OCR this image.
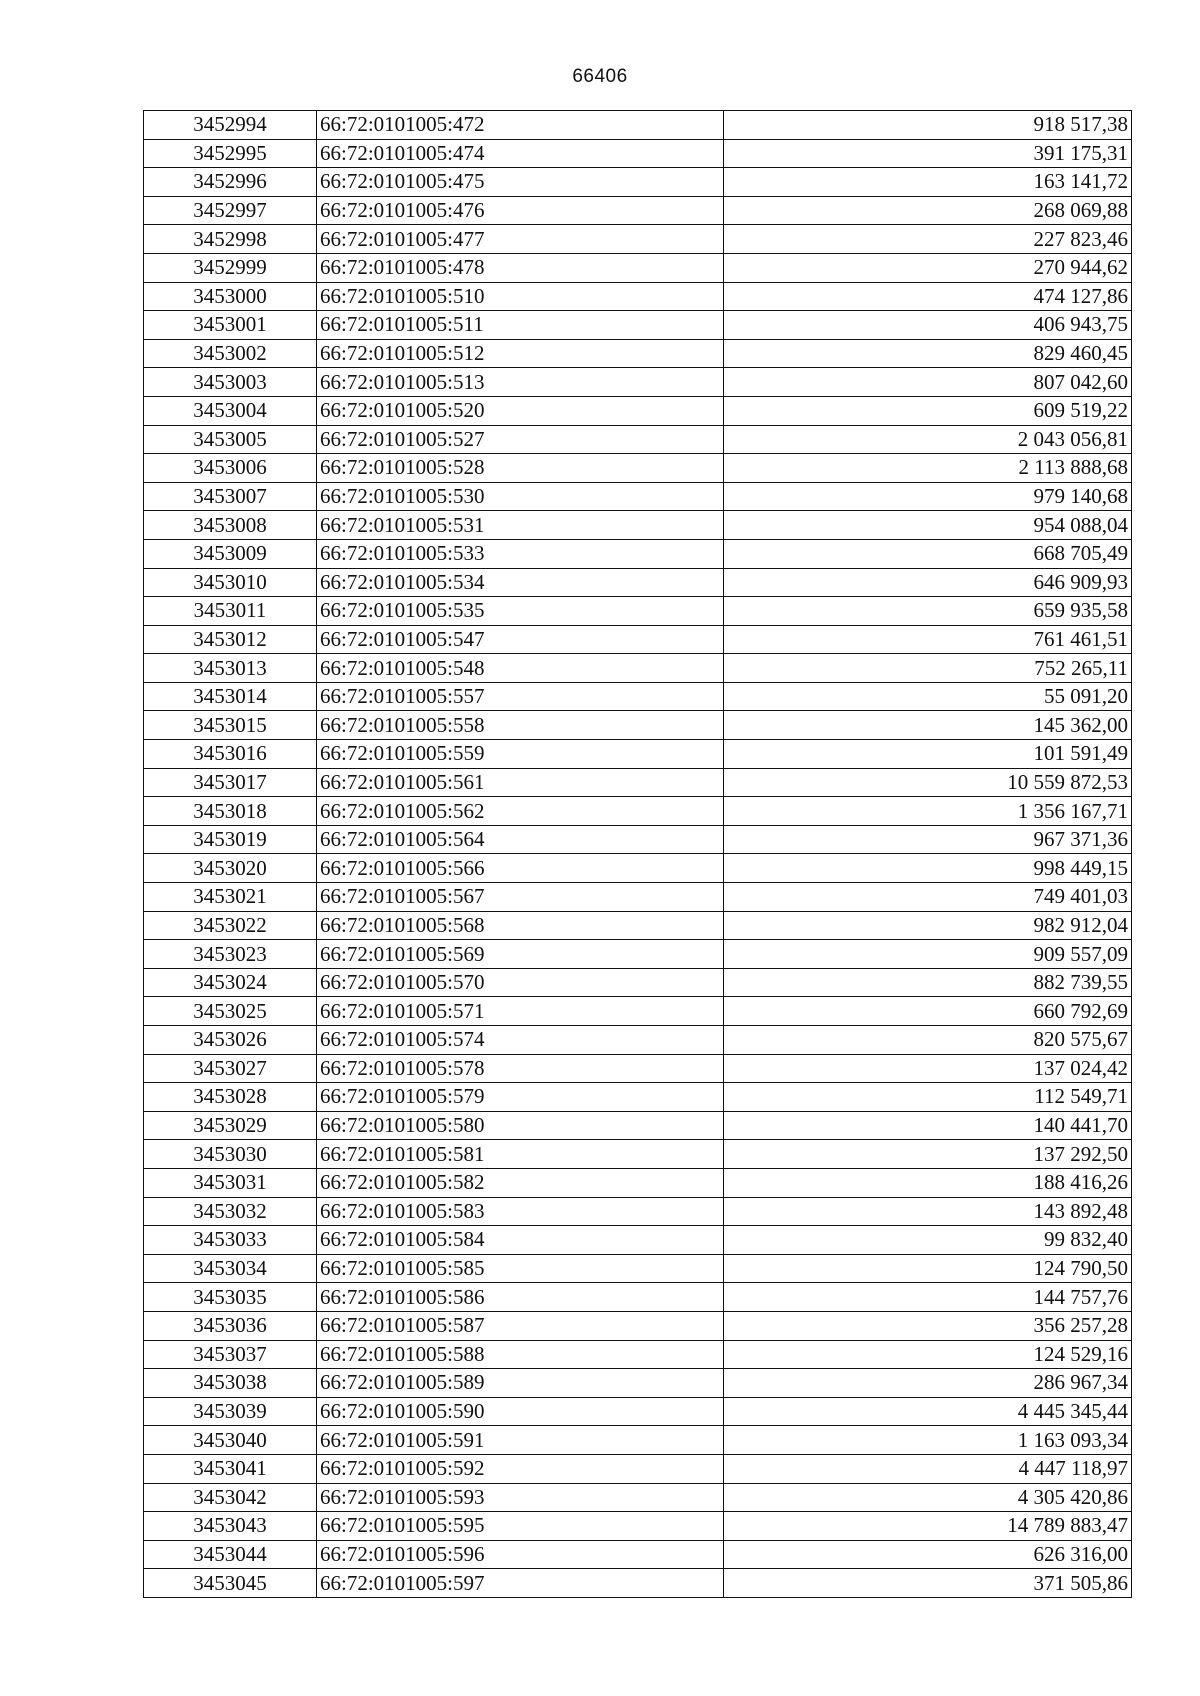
66406
3452994	66:72:0101005:472	918 517,38
3452995	66:72:0101005:474	391 175,31
3452996	66:72:0101005:475	163 141,72
3452997	66:72:0101005:476	268 069,88
3452998	66:72:0101005:477	227 823,46
3452999	66:72:0101005:478	270 944,62
3453000	66:72:0101005:510	474 127,86
3453001	66:72:0101005:511	406 943,75
3453002	66:72:0101005:512	829 460,45
3453003	66:72:0101005:513	807 042,60
3453004	66:72:0101005:520	609 519,22
3453005	66:72:0101005:527	2 043 056,81
3453006	66:72:0101005:528	2 113 888,68
3453007	66:72:0101005:530	979 140,68
3453008	66:72:0101005:531	954 088,04
3453009	66:72:0101005:533	668 705,49
3453010	66:72:0101005:534	646 909,93
3453011	66:72:0101005:535	659 935,58
3453012	66:72:0101005:547	761 461,51
3453013	66:72:0101005:548	752 265,11
3453014	66:72:0101005:557	55 091,20
3453015	66:72:0101005:558	145 362,00
3453016	66:72:0101005:559	101 591,49
3453017	66:72:0101005:561	10 559 872,53
3453018	66:72:0101005:562	1 356 167,71
3453019	66:72:0101005:564	967 371,36
3453020	66:72:0101005:566	998 449,15
3453021	66:72:0101005:567	749 401,03
3453022	66:72:0101005:568	982 912,04
3453023	66:72:0101005:569	909 557,09
3453024	66:72:0101005:570	882 739,55
3453025	66:72:0101005:571	660 792,69
3453026	66:72:0101005:574	820 575,67
3453027	66:72:0101005:578	137 024,42
3453028	66:72:0101005:579	112 549,71
3453029	66:72:0101005:580	140 441,70
3453030	66:72:0101005:581	137 292,50
3453031	66:72:0101005:582	188 416,26
3453032	66:72:0101005:583	143 892,48
3453033	66:72:0101005:584	99 832,40
3453034	66:72:0101005:585	124 790,50
3453035	66:72:0101005:586	144 757,76
3453036	66:72:0101005:587	356 257,28
3453037	66:72:0101005:588	124 529,16
3453038	66:72:0101005:589	286 967,34
3453039	66:72:0101005:590	4 445 345,44
3453040	66:72:0101005:591	1 163 093,34
3453041	66:72:0101005:592	4 447 118,97
3453042	66:72:0101005:593	4 305 420,86
3453043	66:72:0101005:595	14 789 883,47
3453044	66:72:0101005:596	626 316,00
3453045	66:72:0101005:597	371 505,86
